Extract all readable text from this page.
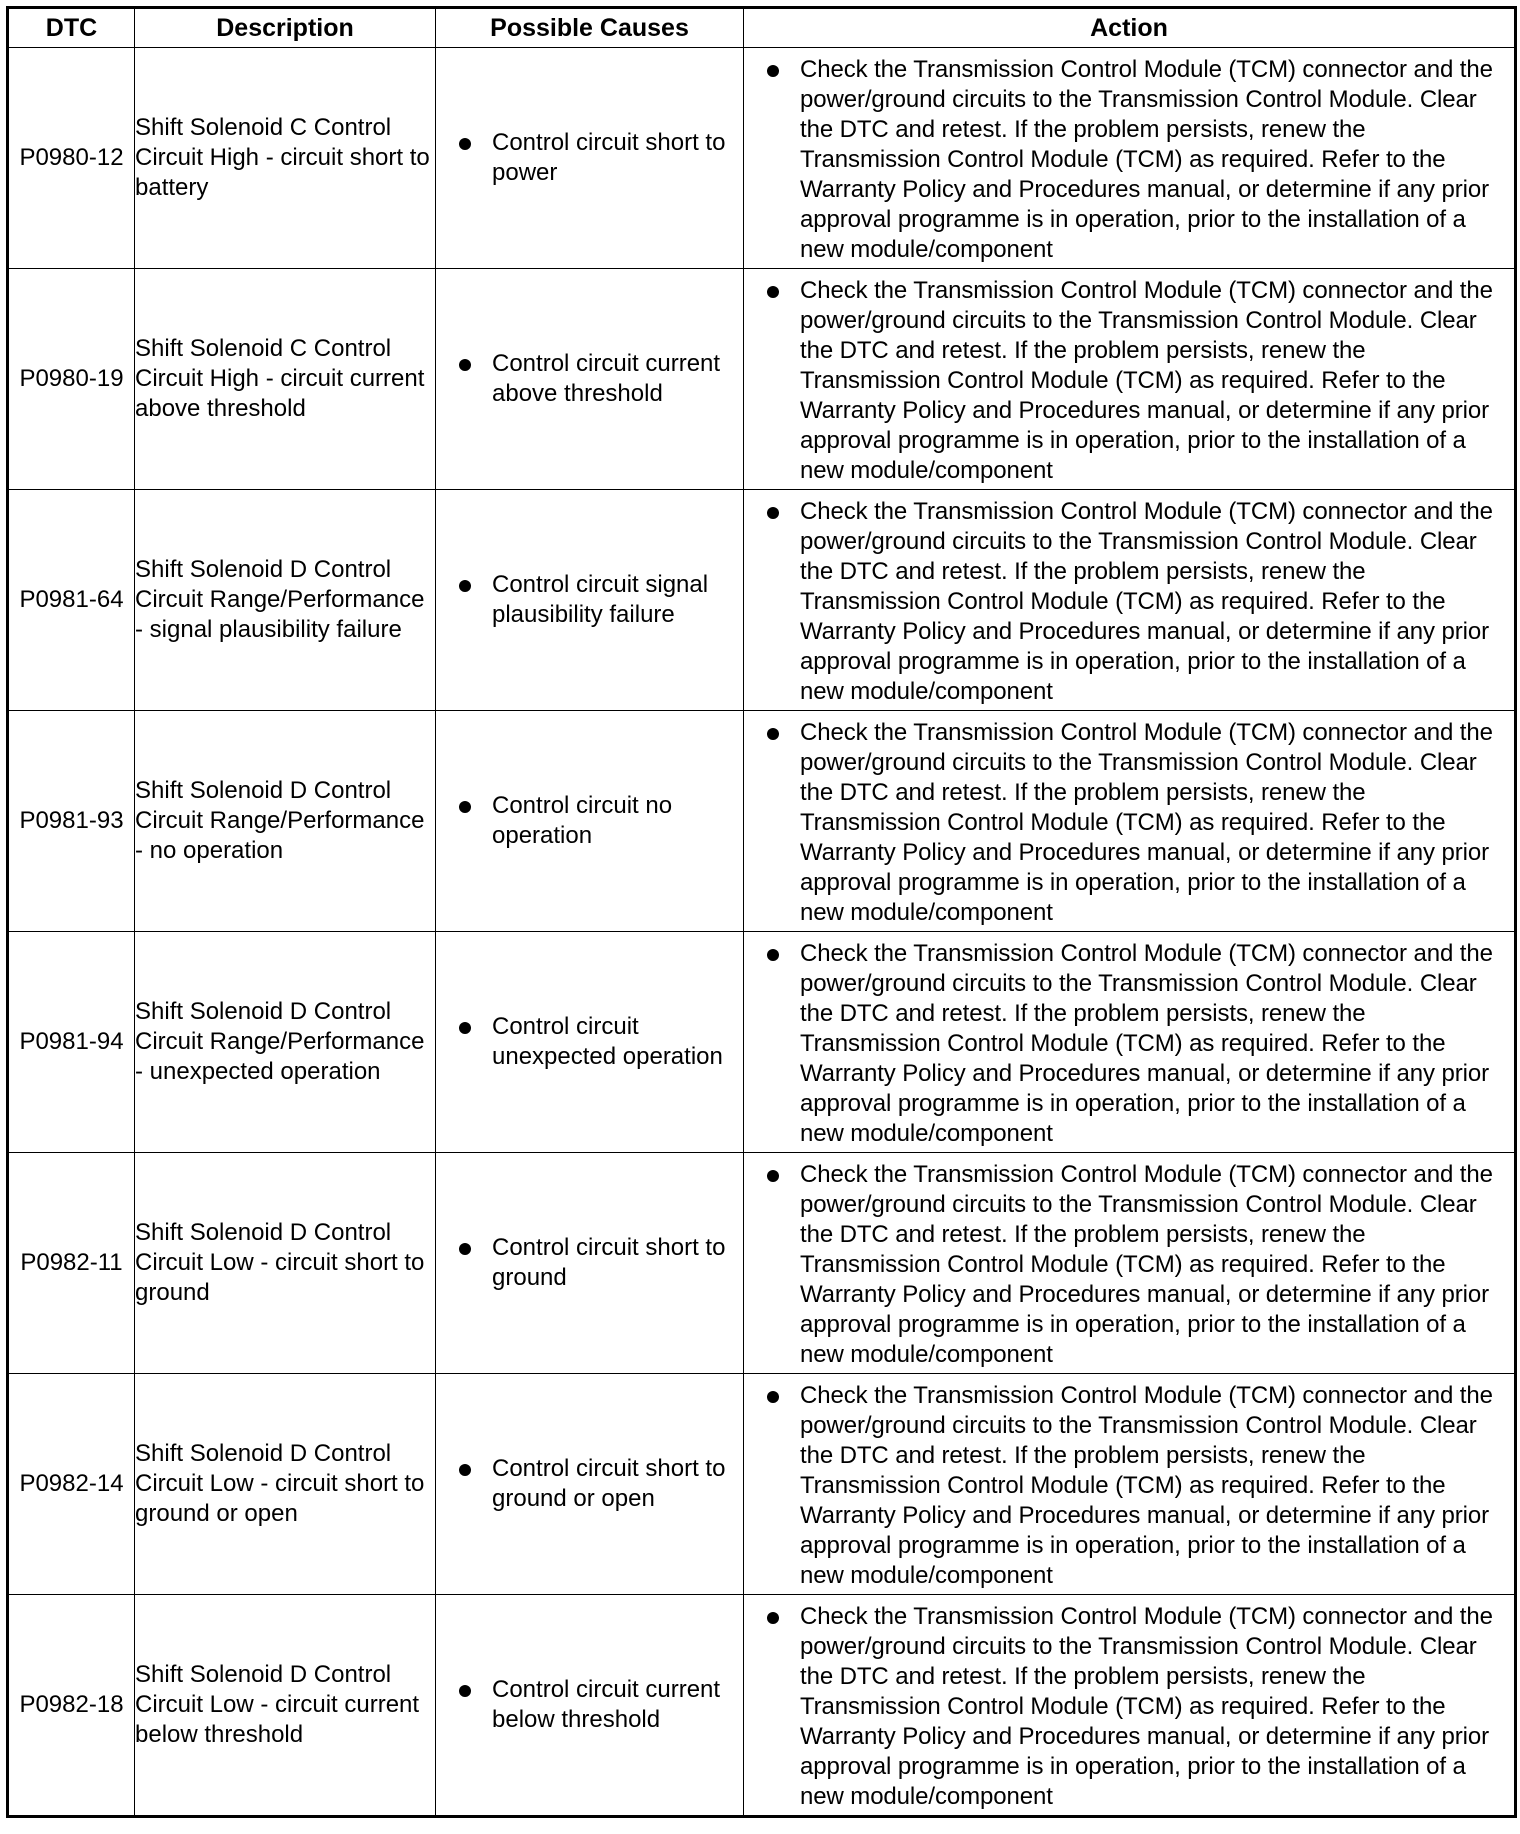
DTC	Description	Possible Causes	Action
P0980-12	Shift Solenoid C Control Circuit High - circuit short to battery	Control circuit short to power	Check the Transmission Control Module (TCM) connector and the power/ground circuits to the Transmission Control Module. Clear the DTC and retest. If the problem persists, renew the Transmission Control Module (TCM) as required. Refer to the Warranty Policy and Procedures manual, or determine if any prior approval programme is in operation, prior to the installation of a new module/component

P0980-19	Shift Solenoid C Control Circuit High - circuit current above threshold	Control circuit current above threshold	Check the Transmission Control Module (TCM) connector and the power/ground circuits to the Transmission Control Module. Clear the DTC and retest. If the problem persists, renew the Transmission Control Module (TCM) as required. Refer to the Warranty Policy and Procedures manual, or determine if any prior approval programme is in operation, prior to the installation of a new module/component

P0981-64	Shift Solenoid D Control Circuit Range/Performance - signal plausibility failure	Control circuit signal plausibility failure	Check the Transmission Control Module (TCM) connector and the power/ground circuits to the Transmission Control Module. Clear the DTC and retest. If the problem persists, renew the Transmission Control Module (TCM) as required. Refer to the Warranty Policy and Procedures manual, or determine if any prior approval programme is in operation, prior to the installation of a new module/component

P0981-93	Shift Solenoid D Control Circuit Range/Performance - no operation	Control circuit no operation	Check the Transmission Control Module (TCM) connector and the power/ground circuits to the Transmission Control Module. Clear the DTC and retest. If the problem persists, renew the Transmission Control Module (TCM) as required. Refer to the Warranty Policy and Procedures manual, or determine if any prior approval programme is in operation, prior to the installation of a new module/component

P0981-94	Shift Solenoid D Control Circuit Range/Performance - unexpected operation	Control circuit unexpected operation	Check the Transmission Control Module (TCM) connector and the power/ground circuits to the Transmission Control Module. Clear the DTC and retest. If the problem persists, renew the Transmission Control Module (TCM) as required. Refer to the Warranty Policy and Procedures manual, or determine if any prior approval programme is in operation, prior to the installation of a new module/component

P0982-11	Shift Solenoid D Control Circuit Low - circuit short to ground	Control circuit short to ground	Check the Transmission Control Module (TCM) connector and the power/ground circuits to the Transmission Control Module. Clear the DTC and retest. If the problem persists, renew the Transmission Control Module (TCM) as required. Refer to the Warranty Policy and Procedures manual, or determine if any prior approval programme is in operation, prior to the installation of a new module/component

P0982-14	Shift Solenoid D Control Circuit Low - circuit short to ground or open	Control circuit short to ground or open	Check the Transmission Control Module (TCM) connector and the power/ground circuits to the Transmission Control Module. Clear the DTC and retest. If the problem persists, renew the Transmission Control Module (TCM) as required. Refer to the Warranty Policy and Procedures manual, or determine if any prior approval programme is in operation, prior to the installation of a new module/component

P0982-18	Shift Solenoid D Control Circuit Low - circuit current below threshold	Control circuit current below threshold	Check the Transmission Control Module (TCM) connector and the power/ground circuits to the Transmission Control Module. Clear the DTC and retest. If the problem persists, renew the Transmission Control Module (TCM) as required. Refer to the Warranty Policy and Procedures manual, or determine if any prior approval programme is in operation, prior to the installation of a new module/component
